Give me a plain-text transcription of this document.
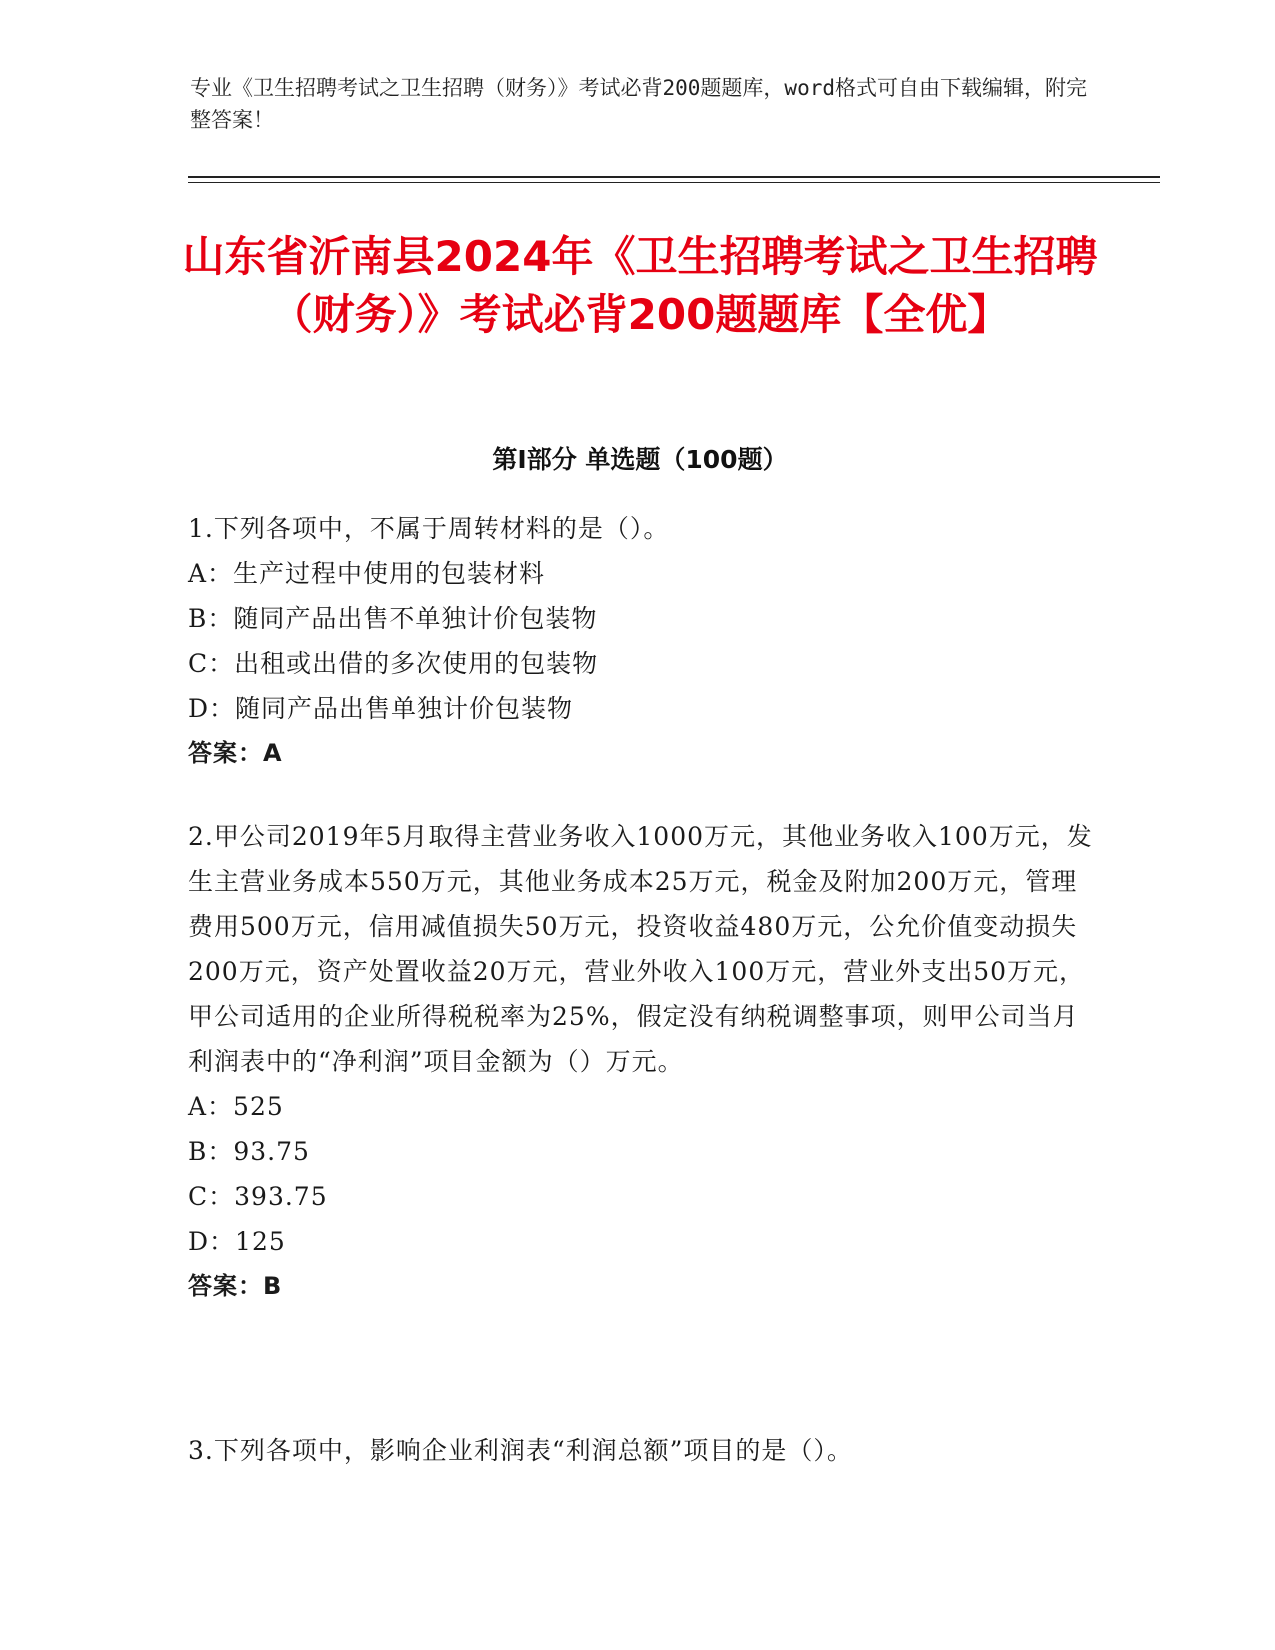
专业《卫生招聘考试之卫生招聘（财务）》考试必背200题题库，word格式可自由下载编辑，附完整答案！
山东省沂南县2024年《卫生招聘考试之卫生招聘（财务）》考试必背200题题库【全优】
第I部分 单选题（100题）

1.下列各项中，不属于周转材料的是（）。

A：生产过程中使用的包装材料

B：随同产品出售不单独计价包装物

C：出租或出借的多次使用的包装物

D：随同产品出售单独计价包装物

答案：A

2.甲公司2019年5月取得主营业务收入1000万元，其他业务收入100万元，发生主营业务成本550万元，其他业务成本25万元，税金及附加200万元，管理费用500万元，信用减值损失50万元，投资收益480万元，公允价值变动损失200万元，资产处置收益20万元，营业外收入100万元，营业外支出50万元，甲公司适用的企业所得税税率为25%，假定没有纳税调整事项，则甲公司当月利润表中的“净利润”项目金额为（）万元。

A：525

B：93.75

C：393.75

D：125

答案：B

3.下列各项中，影响企业利润表“利润总额”项目的是（）。
